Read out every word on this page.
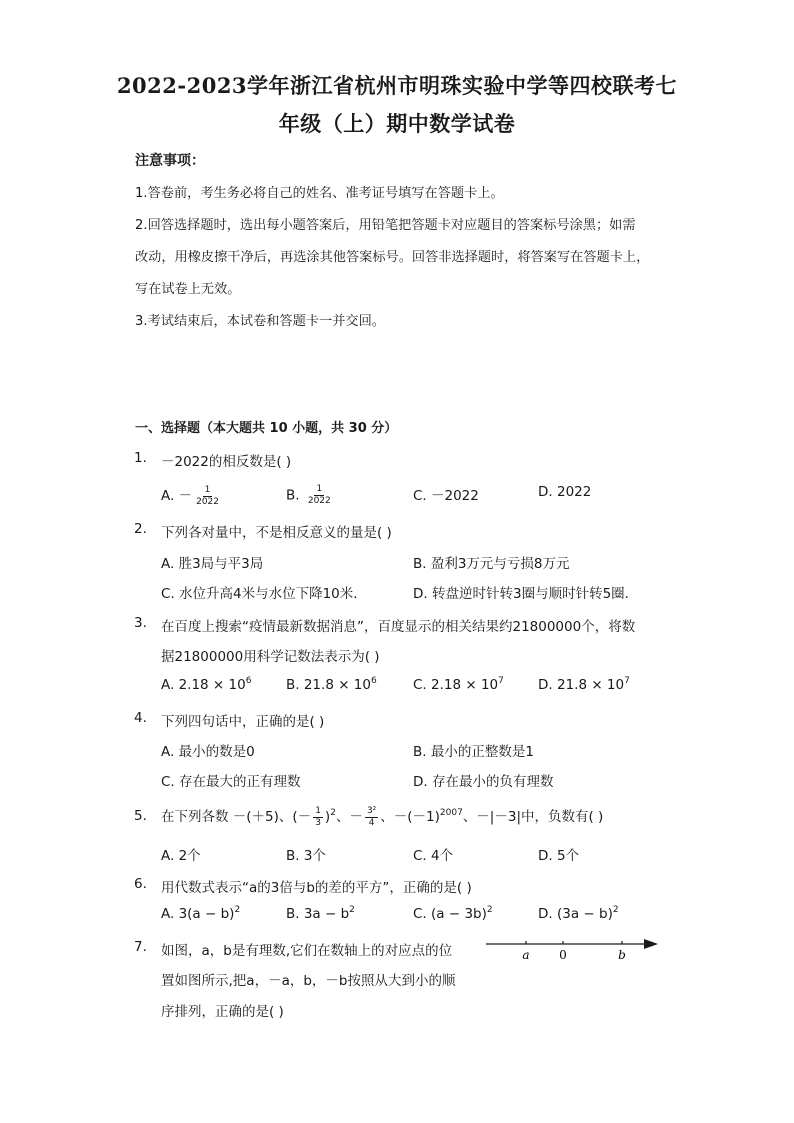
2022-2023学年浙江省杭州市明珠实验中学等四校联考七
年级（上）期中数学试卷
注意事项：
1.答卷前，考生务必将自己的姓名、准考证号填写在答题卡上。
2.回答选择题时，选出每小题答案后，用铅笔把答题卡对应题目的答案标号涂黑；如需
改动，用橡皮擦干净后，再选涂其他答案标号。回答非选择题时，将答案写在答题卡上，
写在试卷上无效。
3.考试结束后，本试卷和答题卡一并交回。
一、选择题（本大题共 10 小题，共 30 分）
1. －2022的相反数是( )
A. － $\frac{1}{2022}$	B. $\frac{1}{2022}$	C. －2022	D. 2022
2. 下列各对量中，不是相反意义的量是( )
A. 胜3局与平3局	B. 盈利3万元与亏损8万元
C. 水位升高4米与水位下降10米．	D. 转盘逆时针转3圈与顺时针转5圈．
3. 在百度上搜索“疫情最新数据消息”，百度显示的相关结果约21800000个，将数
据21800000用科学记数法表示为( )
A. $2.18 \times 10^6$	B. $21.8 \times 10^6$	C. $2.18 \times 10^7$	D. $21.8 \times 10^7$
4. 下列四句话中，正确的是( )
A. 最小的数是0	B. 最小的正整数是1
C. 存在最大的正有理数	D. 存在最小的负有理数
5. 在下列各数 －(＋5)、(－ $\frac{1}{3} )^2$、－ $\frac{\text{3²}}{4}$ 、$-(-1)^{2007}$、－|－3|中，负数有( )
A. 2个	B. 3个	C. 4个	D. 5个
6. 用代数式表示“a的3倍与b的差的平方”，正确的是( )
A. $3(a - b)^2$	B. $3a - b^2$	C. $(a - 3b)^2$	D. $(3a - b)^2$
7. 如图，a，b是有理数,它们在数轴上的对应点的位
置如图所示,把a，－a，b，－b按照从大到小的顺
序排列，正确的是( )
a 0	b
